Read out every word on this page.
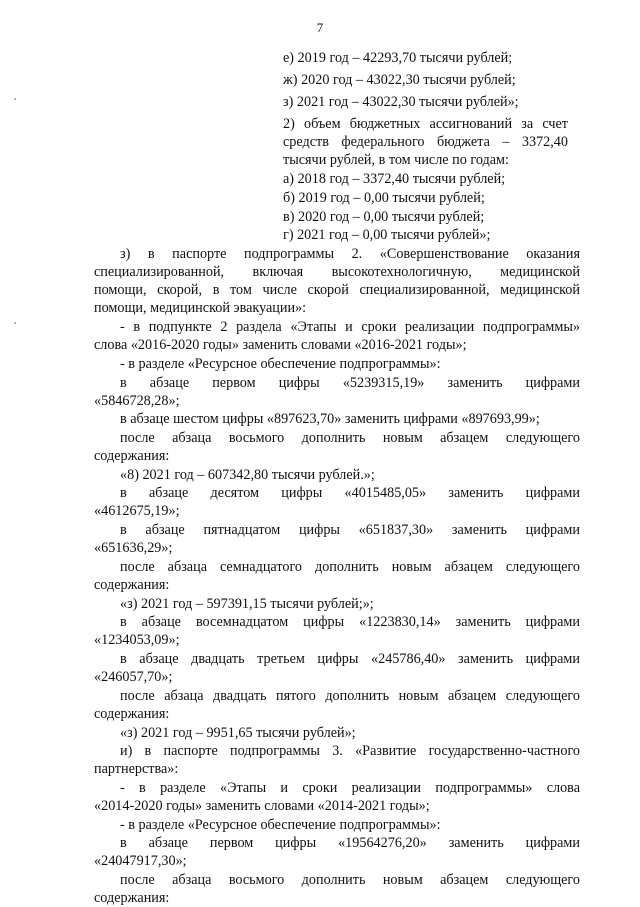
7
е) 2019 год – 42293,70 тысячи рублей;
ж) 2020 год – 43022,30 тысячи рублей;
з) 2021 год – 43022,30 тысячи рублей»;
2) объем бюджетных ассигнований за счет
средств федерального бюджета – 3372,40
тысячи рублей, в том числе по годам:
а) 2018 год – 3372,40 тысячи рублей;
б) 2019 год – 0,00 тысячи рублей;
в) 2020 год – 0,00 тысячи рублей;
г) 2021 год – 0,00 тысячи рублей»;
з) в паспорте подпрограммы 2. «Совершенствование оказания
специализированной, включая высокотехнологичную, медицинской
помощи, скорой, в том числе скорой специализированной, медицинской
помощи, медицинской эвакуации»:
- в подпункте 2 раздела «Этапы и сроки реализации подпрограммы»
слова «2016-2020 годы» заменить словами «2016-2021 годы»;
- в разделе «Ресурсное обеспечение подпрограммы»:
в абзаце первом цифры «5239315,19» заменить цифрами
«5846728,28»;
в абзаце шестом цифры «897623,70» заменить цифрами «897693,99»;
после абзаца восьмого дополнить новым абзацем следующего
содержания:
«8) 2021 год – 607342,80 тысячи рублей.»;
в абзаце десятом цифры «4015485,05» заменить цифрами
«4612675,19»;
в абзаце пятнадцатом цифры «651837,30» заменить цифрами
«651636,29»;
после абзаца семнадцатого дополнить новым абзацем следующего
содержания:
«з) 2021 год – 597391,15 тысячи рублей;»;
в абзаце восемнадцатом цифры «1223830,14» заменить цифрами
«1234053,09»;
в абзаце двадцать третьем цифры «245786,40» заменить цифрами
«246057,70»;
после абзаца двадцать пятого дополнить новым абзацем следующего
содержания:
«з) 2021 год – 9951,65 тысячи рублей»;
и) в паспорте подпрограммы 3. «Развитие государственно-частного
партнерства»:
- в разделе «Этапы и сроки реализации подпрограммы» слова
«2014-2020 годы» заменить словами «2014-2021 годы»;
- в разделе «Ресурсное обеспечение подпрограммы»:
в абзаце первом цифры «19564276,20» заменить цифрами
«24047917,30»;
после абзаца восьмого дополнить новым абзацем следующего
содержания:
